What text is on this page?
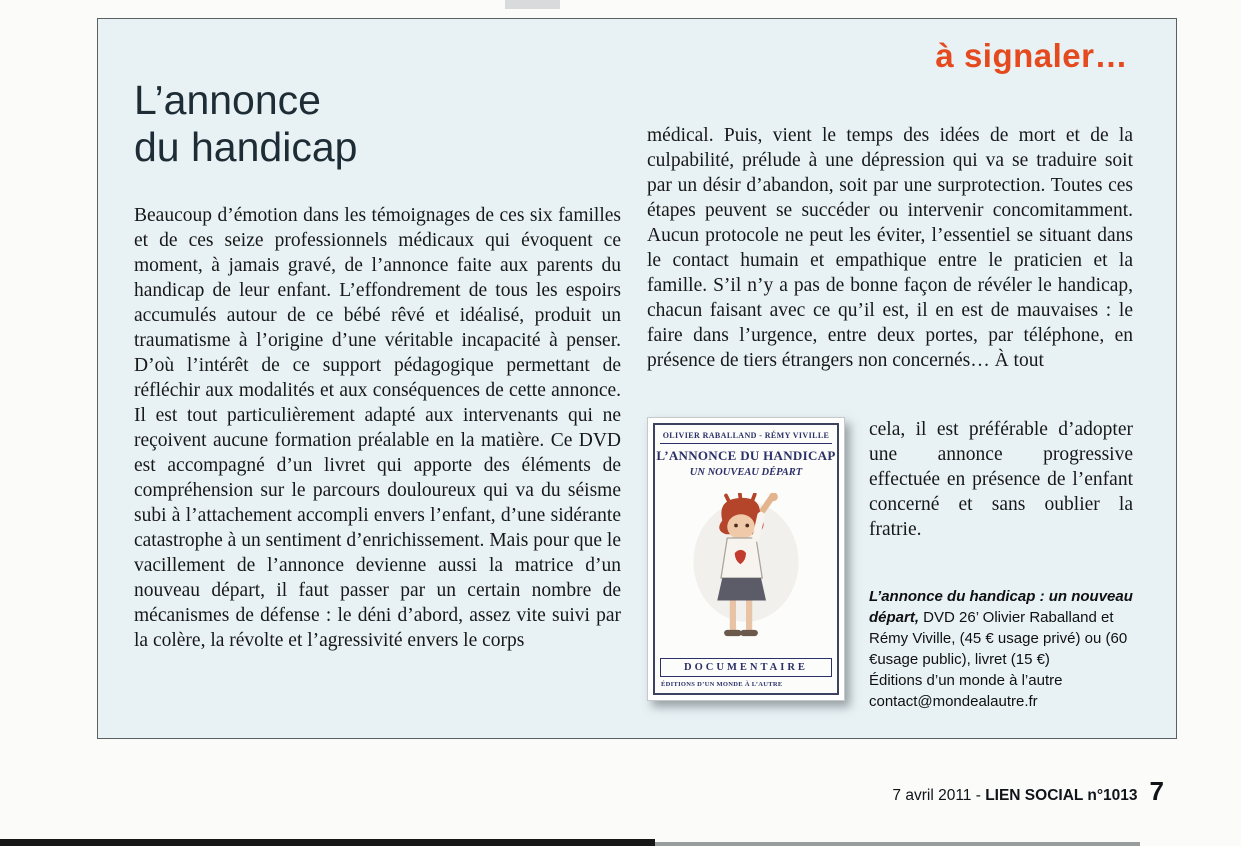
à signaler…
L’annonce
du handicap
Beaucoup d’émotion dans les témoignages de ces six familles et de ces seize professionnels médicaux qui évoquent ce moment, à jamais gravé, de l’annonce faite aux parents du handicap de leur enfant. L’effondrement de tous les espoirs accumulés autour de ce bébé rêvé et idéalisé, produit un traumatisme à l’origine d’une véritable incapacité à penser. D’où l’intérêt de ce support pédagogique permettant de réfléchir aux modalités et aux conséquences de cette annonce. Il est tout particulièrement adapté aux intervenants qui ne reçoivent aucune formation préalable en la matière. Ce DVD est accompagné d’un livret qui apporte des éléments de compréhension sur le parcours douloureux qui va du séisme subi à l’attachement accompli envers l’enfant, d’une sidérante catastrophe à un sentiment d’enrichissement. Mais pour que le vacillement de l’annonce devienne aussi la matrice d’un nouveau départ, il faut passer par un certain nombre de mécanismes de défense : le déni d’abord, assez vite suivi par la colère, la révolte et l’agressivité envers le corps
médical. Puis, vient le temps des idées de mort et de la culpabilité, prélude à une dépression qui va se traduire soit par un désir d’abandon, soit par une surprotection. Toutes ces étapes peuvent se succéder ou intervenir concomitamment. Aucun protocole ne peut les éviter, l’essentiel se situant dans le contact humain et empathique entre le praticien et la famille. S’il n’y a pas de bonne façon de révéler le handicap, chacun faisant avec ce qu’il est, il en est de mauvaises : le faire dans l’urgence, entre deux portes, par téléphone, en présence de tiers étrangers non concernés… À tout
OLIVIER RABALLAND - RÉMY VIVILLE
L’ANNONCE DU HANDICAP
UN NOUVEAU DÉPART
DOCUMENTAIRE
ÉDITIONS D’UN MONDE À L’AUTRE
cela, il est préférable d’adopter une annonce progressive effectuée en présence de l’enfant concerné et sans oublier la fratrie.
L’annonce du handicap : un nouveau départ, DVD 26’ Olivier Raballand et Rémy Viville, (45 € usage privé) ou (60 €usage public), livret (15 €)
Éditions d’un monde à l’autre
contact@mondealautre.fr
7 avril 2011 - LIEN SOCIAL n°1013 7
